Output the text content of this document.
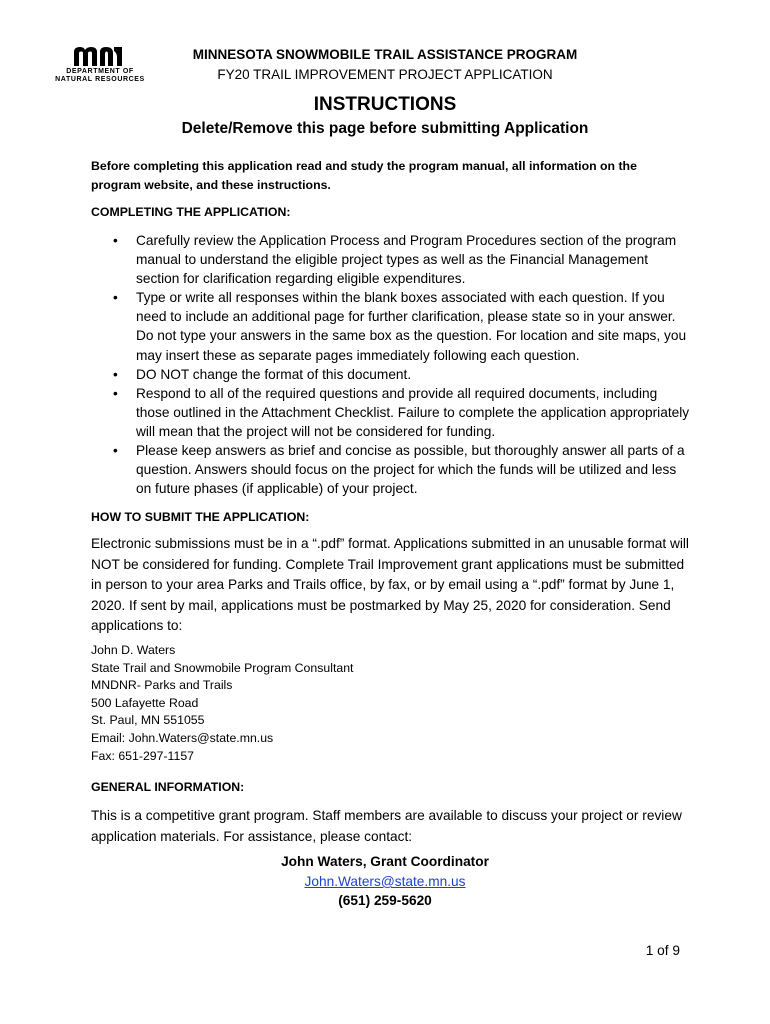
DEPARTMENT OF
NATURAL RESOURCES
MINNESOTA SNOWMOBILE TRAIL ASSISTANCE PROGRAM
FY20 TRAIL IMPROVEMENT PROJECT APPLICATION
INSTRUCTIONS
Delete/Remove this page before submitting Application
Before completing this application read and study the program manual, all information on the program website, and these instructions.
COMPLETING THE APPLICATION:
• Carefully review the Application Process and Program Procedures section of the program manual to understand the eligible project types as well as the Financial Management section for clarification regarding eligible expenditures.
• Type or write all responses within the blank boxes associated with each question. If you need to include an additional page for further clarification, please state so in your answer. Do not type your answers in the same box as the question. For location and site maps, you may insert these as separate pages immediately following each question.
• DO NOT change the format of this document.
• Respond to all of the required questions and provide all required documents, including those outlined in the Attachment Checklist. Failure to complete the application appropriately will mean that the project will not be considered for funding.
• Please keep answers as brief and concise as possible, but thoroughly answer all parts of a question. Answers should focus on the project for which the funds will be utilized and less on future phases (if applicable) of your project.
HOW TO SUBMIT THE APPLICATION:
Electronic submissions must be in a “.pdf” format. Applications submitted in an unusable format will NOT be considered for funding. Complete Trail Improvement grant applications must be submitted in person to your area Parks and Trails office, by fax, or by email using a “.pdf” format by June 1, 2020. If sent by mail, applications must be postmarked by May 25, 2020 for consideration. Send applications to:
John D. Waters
State Trail and Snowmobile Program Consultant
MNDNR- Parks and Trails
500 Lafayette Road
St. Paul, MN 551055
Email: John.Waters@state.mn.us
Fax: 651-297-1157
GENERAL INFORMATION:
This is a competitive grant program. Staff members are available to discuss your project or review application materials. For assistance, please contact:
John Waters, Grant Coordinator
John.Waters@state.mn.us
(651) 259-5620
1 of 9
